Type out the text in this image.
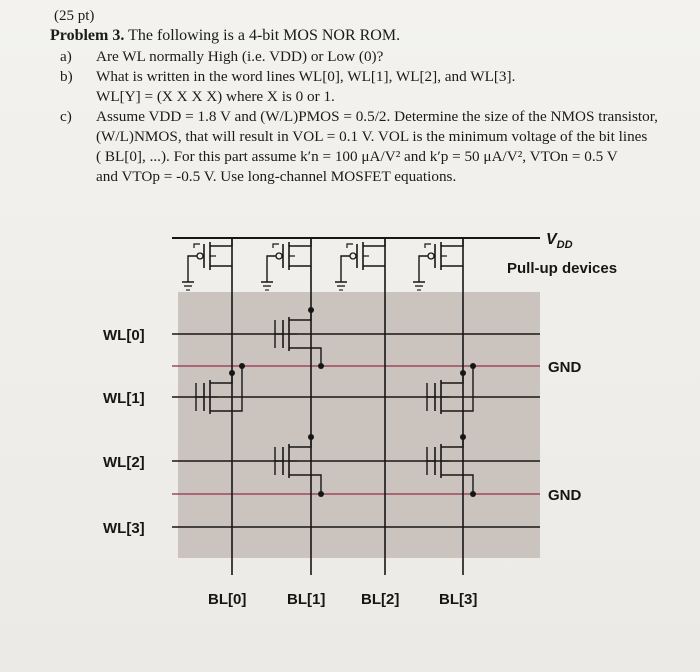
(25 pt)
Problem 3. The following is a 4-bit MOS NOR ROM.
a)	Are WL normally High (i.e. VDD) or Low (0)?
b)	What is written in the word lines WL[0], WL[1], WL[2], and WL[3].
WL[Y] = (X X X X) where X is 0 or 1.
c)	Assume VDD = 1.8 V and (W/L)PMOS = 0.5/2. Determine the size of the NMOS transistor,
(W/L)NMOS, that will result in VOL = 0.1 V. VOL is the minimum voltage of the bit lines
( BL[0], ...). For this part assume k′n = 100 μA/V² and k′p = 50 μA/V², VTOn = 0.5 V
and VTOp = -0.5 V. Use long-channel MOSFET equations.
WL[0]
WL[1]
WL[2]
WL[3]
BL[0]	BL[1] BL[2]	BL[3]
$V_{DD}$
Pull-up devices
GND
GND
